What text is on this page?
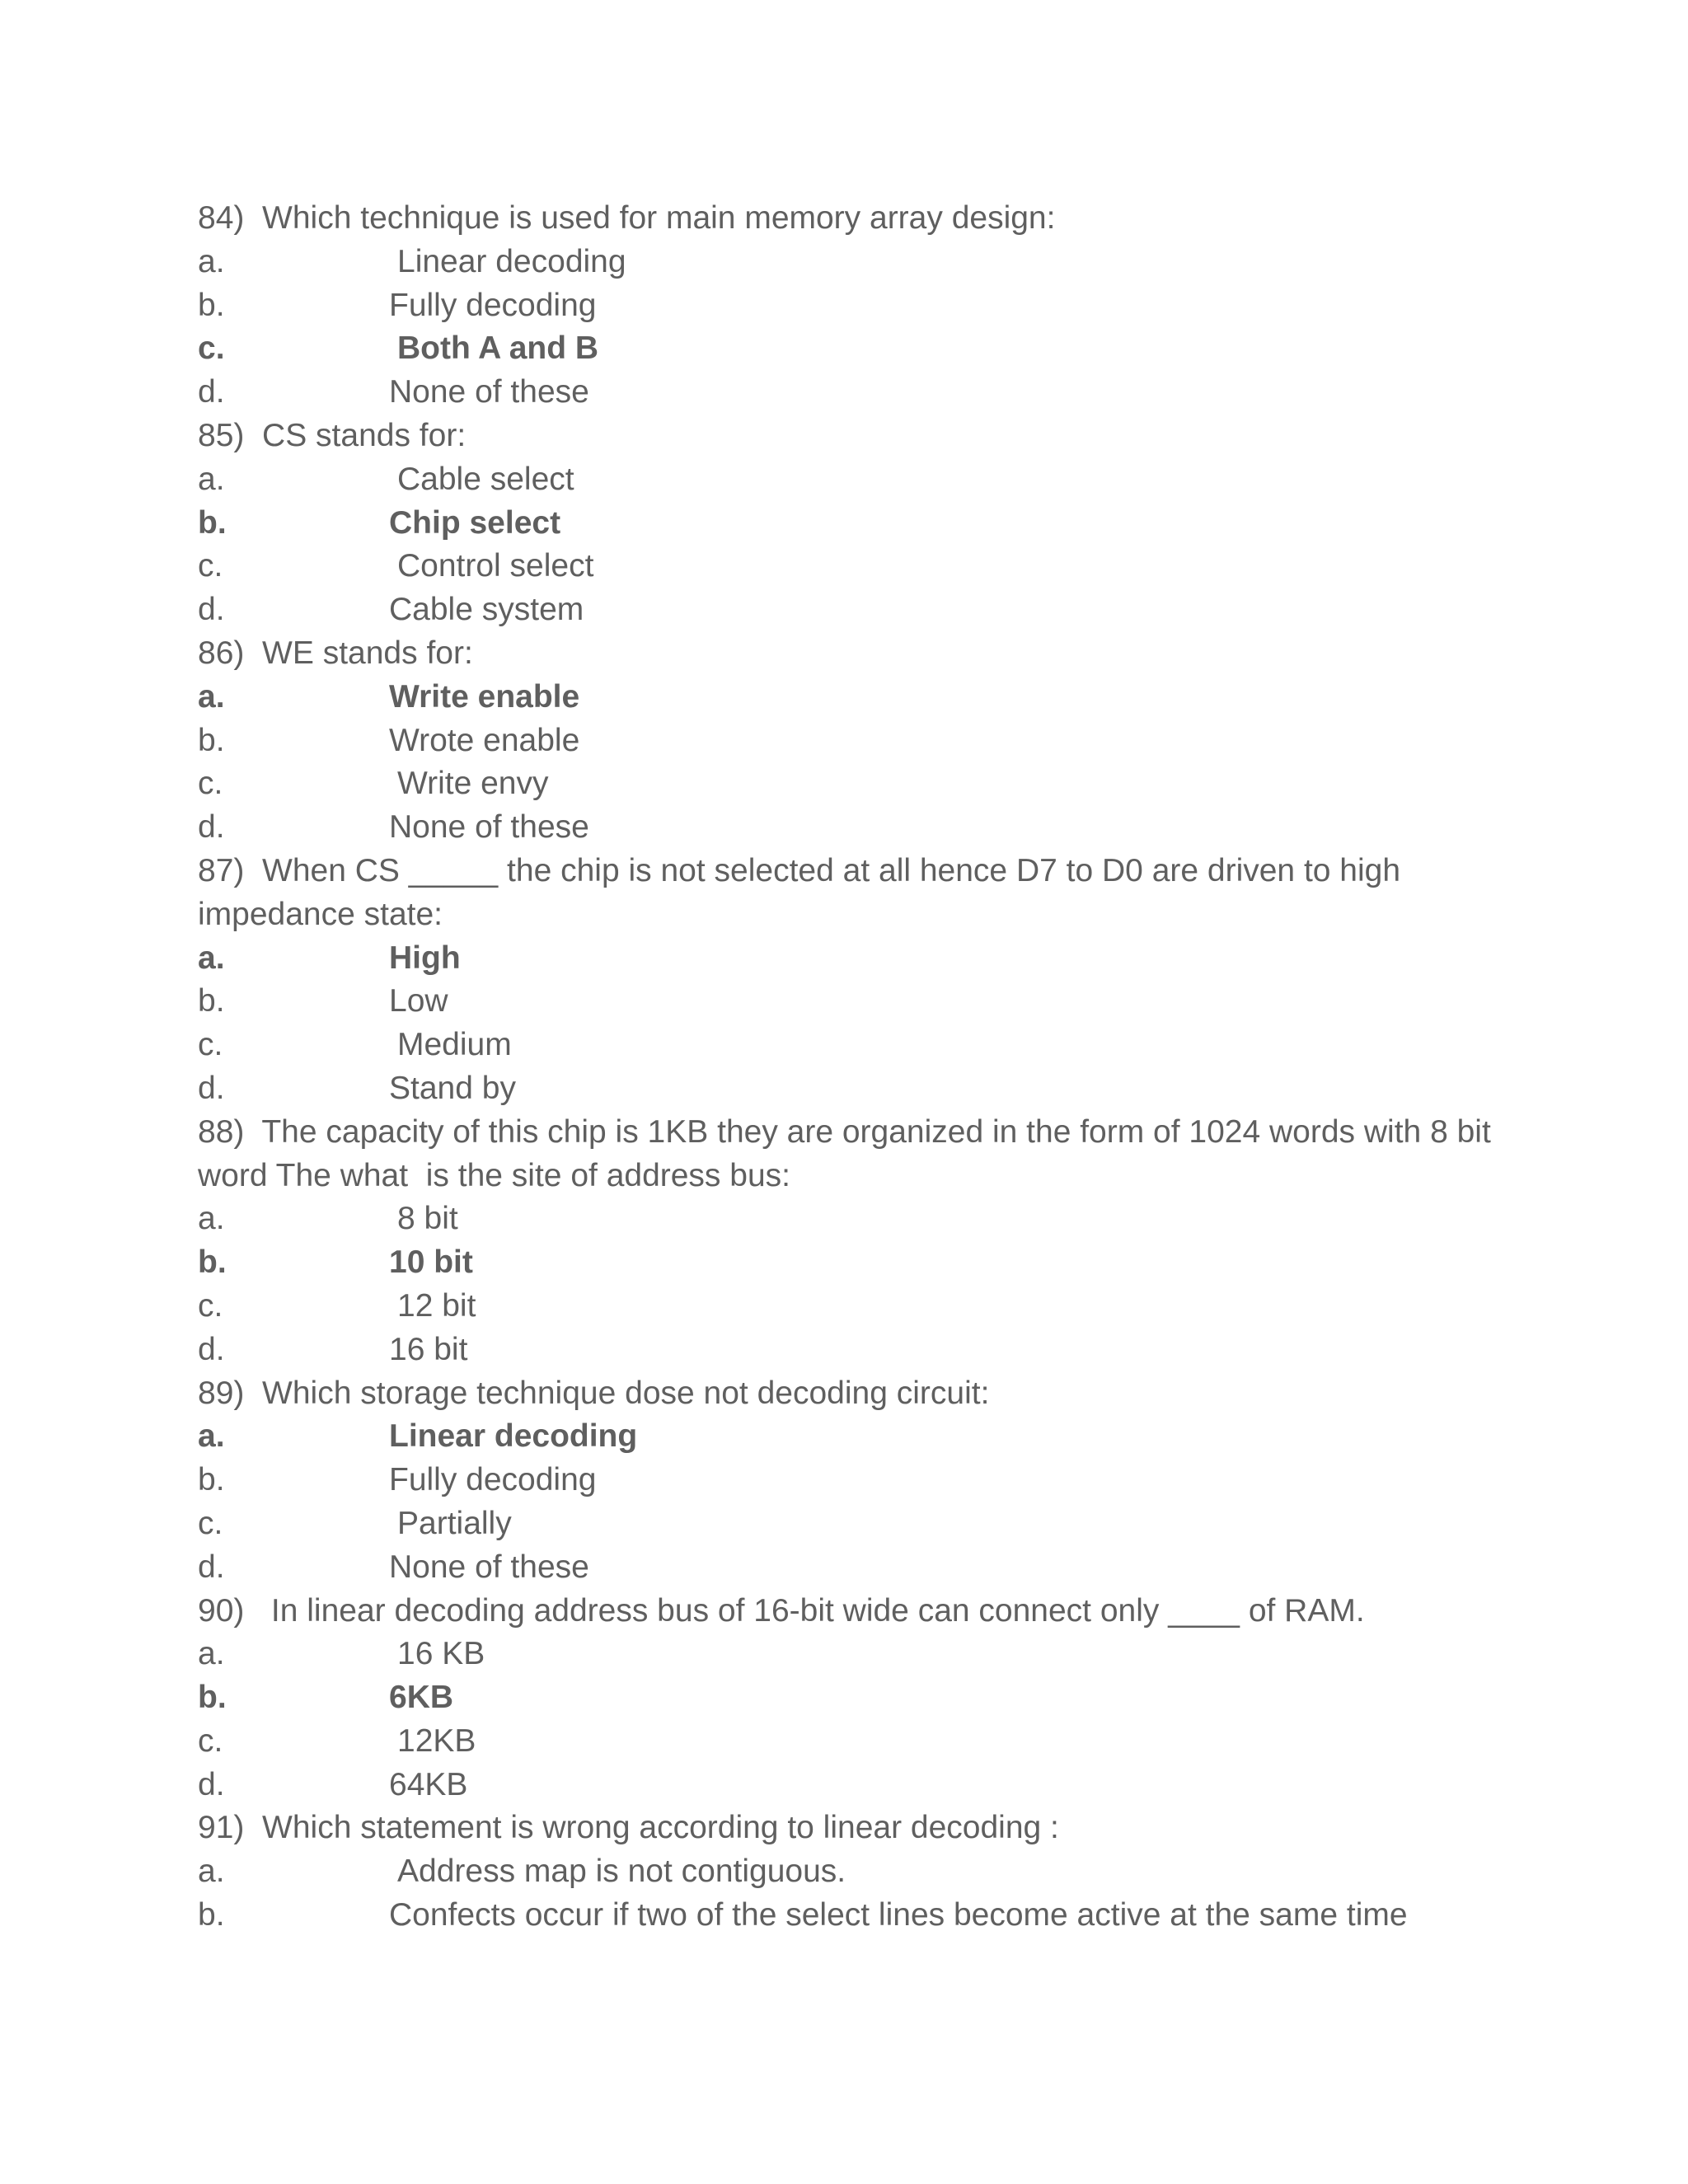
84) Which technique is used for main memory array design:
a.	Linear decoding
b.	Fully decoding
c.	Both A and B
d.	None of these
85) CS stands for:
a.	Cable select
b.	Chip select
c.	Control select
d.	Cable system
86) WE stands for:
a.	Write enable
b.	Wrote enable
c.	Write envy
d.	None of these
87) When CS _____ the chip is not selected at all hence D7 to D0 are driven to high impedance state:
a.	High
b.	Low
c.	Medium
d.	Stand by
88) The capacity of this chip is 1KB they are organized in the form of 1024 words with 8 bit word The what  is the site of address bus:
a.	8 bit
b.	10 bit
c.	12 bit
d.	16 bit
89) Which storage technique dose not decoding circuit:
a.	Linear decoding
b.	Fully decoding
c.	Partially
d.	None of these
90)   In linear decoding address bus of 16-bit wide can connect only ____ of RAM.
a.	16 KB
b.	6KB
c.	12KB
d.	64KB
91) Which statement is wrong according to linear decoding :
a.	Address map is not contiguous.
b.	Confects occur if two of the select lines become active at the same time
